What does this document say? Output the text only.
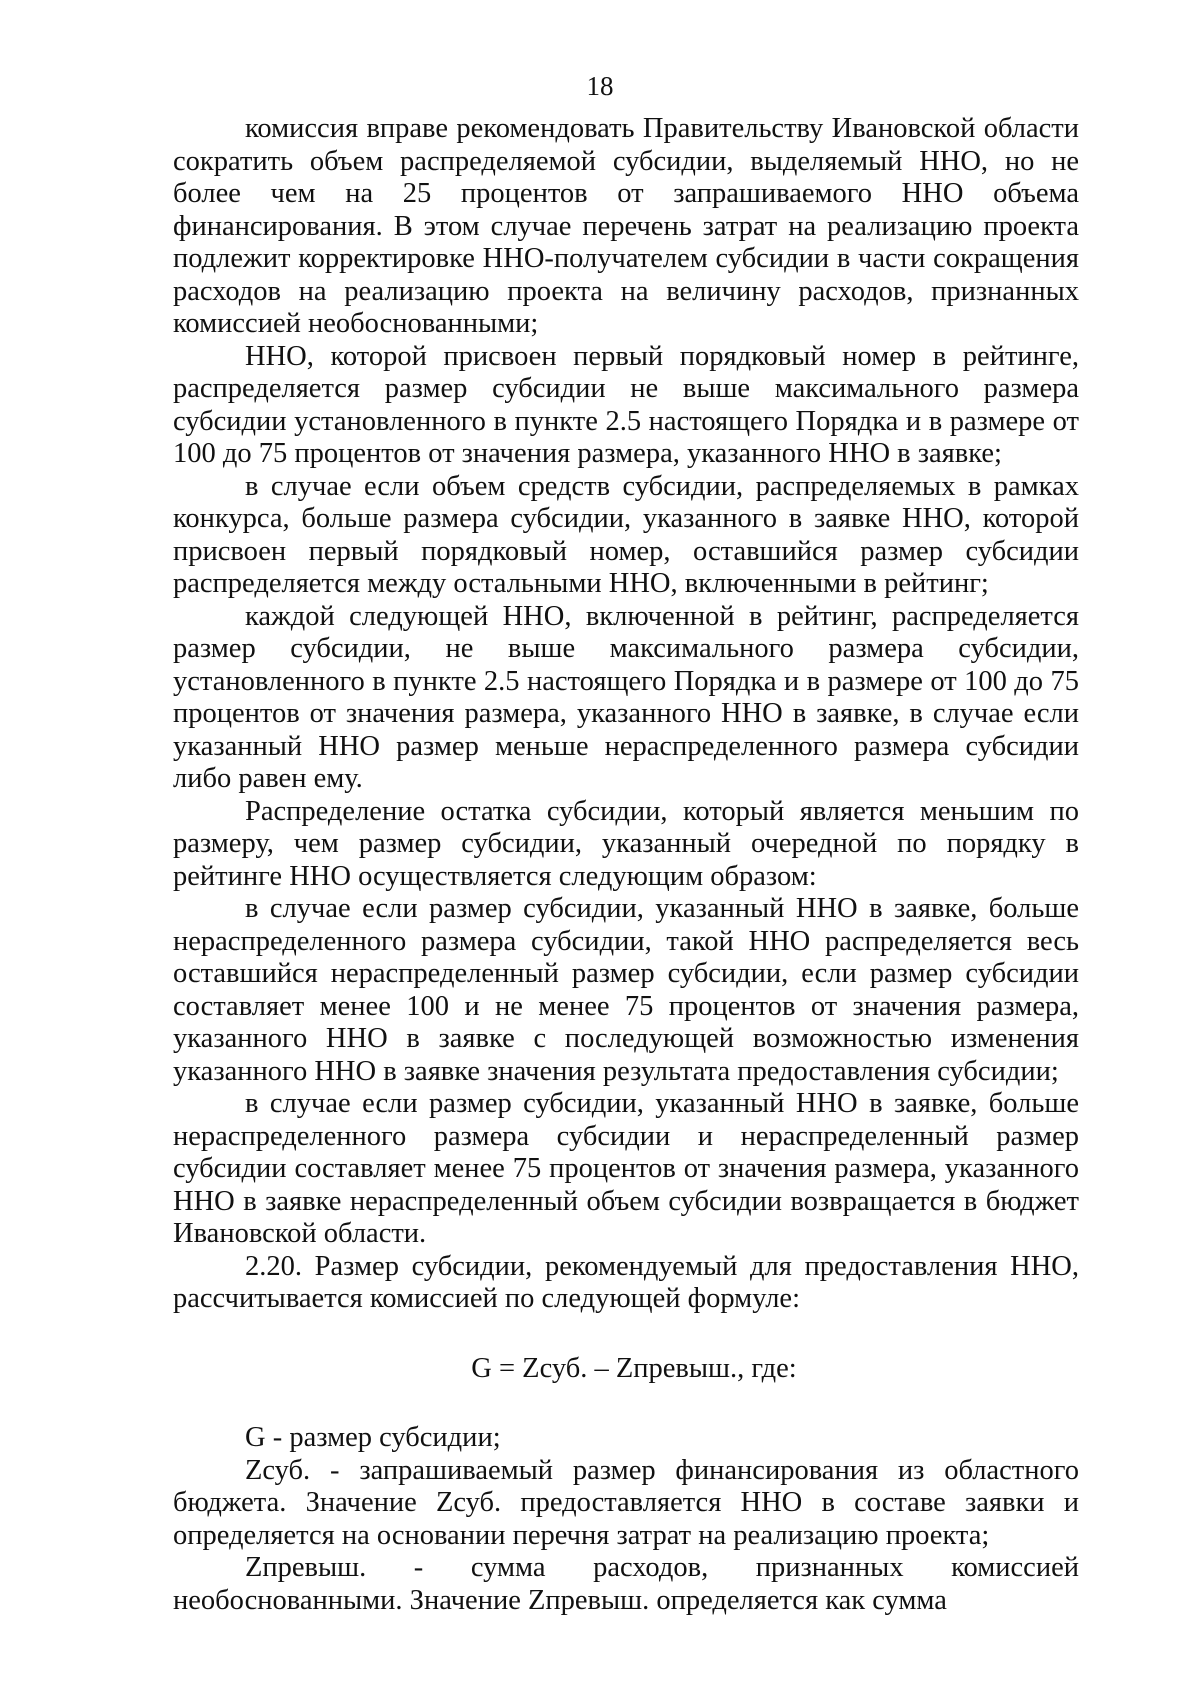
18

комиссия вправе рекомендовать Правительству Ивановской области сократить объем распределяемой субсидии, выделяемый ННО, но не более чем на 25 процентов от запрашиваемого ННО объема финансирования. В этом случае перечень затрат на реализацию проекта подлежит корректировке ННО-получателем субсидии в части сокращения расходов на реализацию проекта на величину расходов, признанных комиссией необоснованными;

ННО, которой присвоен первый порядковый номер в рейтинге, распределяется размер субсидии не выше максимального размера субсидии установленного в пункте 2.5 настоящего Порядка и в размере от 100 до 75 процентов от значения размера, указанного ННО в заявке;

в случае если объем средств субсидии, распределяемых в рамках конкурса, больше размера субсидии, указанного в заявке ННО, которой присвоен первый порядковый номер, оставшийся размер субсидии распределяется между остальными ННО, включенными в рейтинг;

каждой следующей ННО, включенной в рейтинг, распределяется размер субсидии, не выше максимального размера субсидии, установленного в пункте 2.5 настоящего Порядка и в размере от 100 до 75 процентов от значения размера, указанного ННО в заявке, в случае если указанный ННО размер меньше нераспределенного размера субсидии либо равен ему.

Распределение остатка субсидии, который является меньшим по размеру, чем размер субсидии, указанный очередной по порядку в рейтинге ННО осуществляется следующим образом:

в случае если размер субсидии, указанный ННО в заявке, больше нераспределенного размера субсидии, такой ННО распределяется весь оставшийся нераспределенный размер субсидии, если размер субсидии составляет менее 100 и не менее 75 процентов от значения размера, указанного ННО в заявке с последующей возможностью изменения указанного ННО в заявке значения результата предоставления субсидии;

в случае если размер субсидии, указанный ННО в заявке, больше нераспределенного размера субсидии и нераспределенный размер субсидии составляет менее 75 процентов от значения размера, указанного ННО в заявке нераспределенный объем субсидии возвращается в бюджет Ивановской области.

2.20. Размер субсидии, рекомендуемый для предоставления ННО, рассчитывается комиссией по следующей формуле:

G = Zсуб. – Zпревыш., где:

G - размер субсидии;

Zсуб. - запрашиваемый размер финансирования из областного бюджета. Значение Zсуб. предоставляется ННО в составе заявки и определяется на основании перечня затрат на реализацию проекта;

Zпревыш. - сумма расходов, признанных комиссией необоснованными. Значение Zпревыш. определяется как сумма
